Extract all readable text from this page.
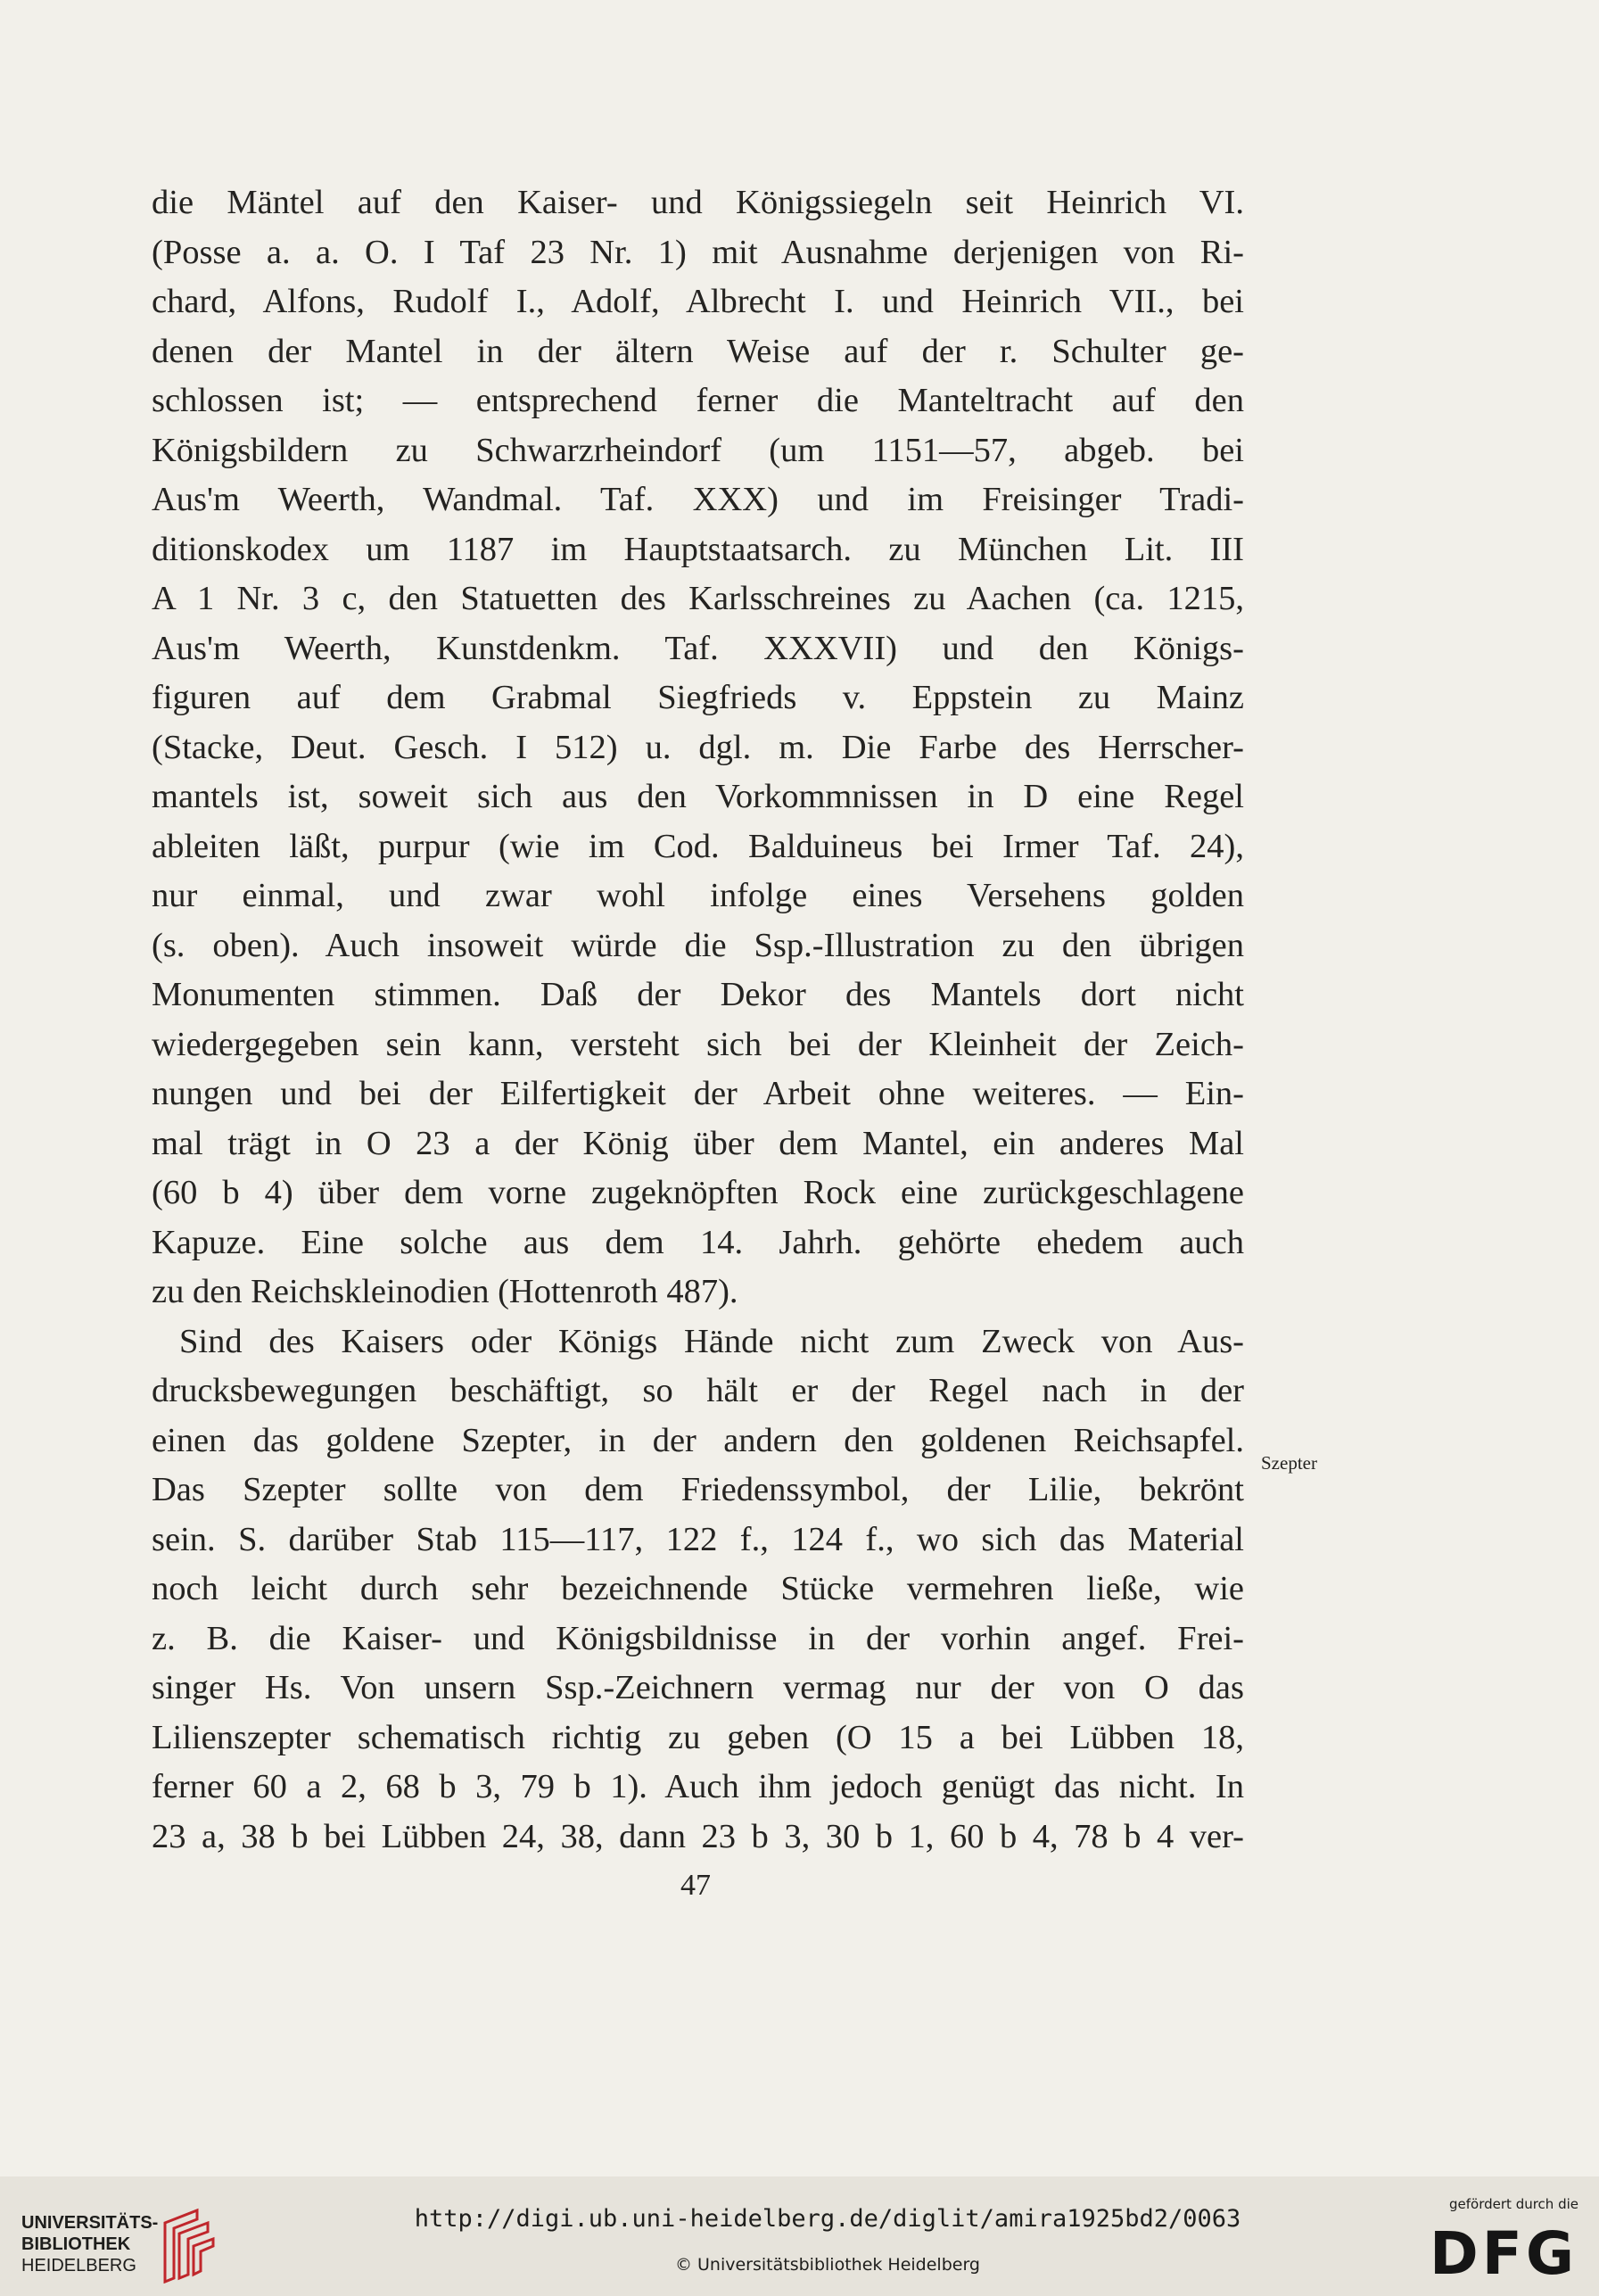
die Mäntel auf den Kaiser- und Königssiegeln seit Heinrich VI.
(Posse a. a. O. I Taf 23 Nr. 1) mit Ausnahme derjenigen von Ri-
chard, Alfons, Rudolf I., Adolf, Albrecht I. und Heinrich VII., bei
denen der Mantel in der ältern Weise auf der r. Schulter ge-
schlossen ist; — entsprechend ferner die Manteltracht auf den
Königsbildern zu Schwarzrheindorf (um 1151—57, abgeb. bei
Aus'm Weerth, Wandmal. Taf. XXX) und im Freisinger Tradi-
ditionskodex um 1187 im Hauptstaatsarch. zu München Lit. III
A 1 Nr. 3 c, den Statuetten des Karlsschreines zu Aachen (ca. 1215,
Aus'm Weerth, Kunstdenkm. Taf. XXXVII) und den Königs-
figuren auf dem Grabmal Siegfrieds v. Eppstein zu Mainz
(Stacke, Deut. Gesch. I 512) u. dgl. m. Die Farbe des Herrscher-
mantels ist, soweit sich aus den Vorkommnissen in D eine Regel
ableiten läßt, purpur (wie im Cod. Balduineus bei Irmer Taf. 24),
nur einmal, und zwar wohl infolge eines Versehens golden
(s. oben). Auch insoweit würde die Ssp.-Illustration zu den übrigen
Monumenten stimmen. Daß der Dekor des Mantels dort nicht
wiedergegeben sein kann, versteht sich bei der Kleinheit der Zeich-
nungen und bei der Eilfertigkeit der Arbeit ohne weiteres. — Ein-
mal trägt in O 23 a der König über dem Mantel, ein anderes Mal
(60 b 4) über dem vorne zugeknöpften Rock eine zurückgeschlagene
Kapuze. Eine solche aus dem 14. Jahrh. gehörte ehedem auch
zu den Reichskleinodien (Hottenroth 487).
Sind des Kaisers oder Königs Hände nicht zum Zweck von Aus-
drucksbewegungen beschäftigt, so hält er der Regel nach in der
einen das goldene Szepter, in der andern den goldenen Reichsapfel.
Das Szepter sollte von dem Friedenssymbol, der Lilie, bekrönt
sein. S. darüber Stab 115—117, 122 f., 124 f., wo sich das Material
noch leicht durch sehr bezeichnende Stücke vermehren ließe, wie
z. B. die Kaiser- und Königsbildnisse in der vorhin angef. Frei-
singer Hs. Von unsern Ssp.-Zeichnern vermag nur der von O das
Lilienszepter schematisch richtig zu geben (O 15 a bei Lübben 18,
ferner 60 a 2, 68 b 3, 79 b 1). Auch ihm jedoch genügt das nicht. In
23 a, 38 b bei Lübben 24, 38, dann 23 b 3, 30 b 1, 60 b 4, 78 b 4 ver-
Szepter
47
UNIVERSITÄTS-
BIBLIOTHEK
HEIDELBERG
http://digi.ub.uni-heidelberg.de/diglit/amira1925bd2/0063
© Universitätsbibliothek Heidelberg
gefördert durch die
DFG
